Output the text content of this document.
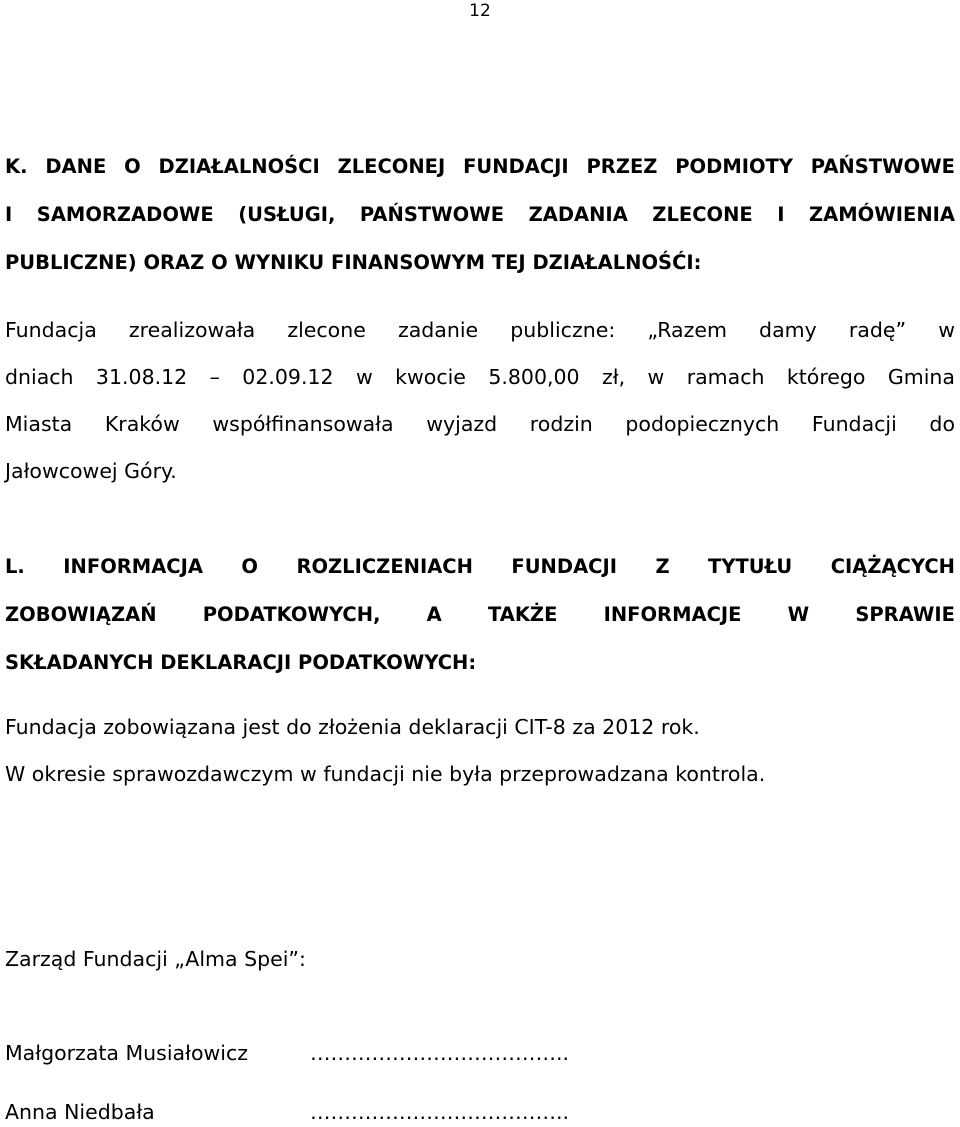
12
K. DANE O DZIAŁALNOŚCI ZLECONEJ FUNDACJI PRZEZ PODMIOTY PAŃSTWOWE
I SAMORZADOWE (USŁUGI, PAŃSTWOWE ZADANIA ZLECONE I ZAMÓWIENIA
PUBLICZNE) ORAZ O WYNIKU FINANSOWYM TEJ DZIAŁALNOŚĆI:
Fundacja zrealizowała zlecone zadanie publiczne: „Razem damy radę” w
dniach 31.08.12 – 02.09.12 w kwocie 5.800,00 zł, w ramach którego Gmina
Miasta Kraków współfinansowała wyjazd rodzin podopiecznych Fundacji do
Jałowcowej Góry.
L. INFORMACJA O ROZLICZENIACH FUNDACJI Z TYTUŁU CIĄŻĄCYCH
ZOBOWIĄZAŃ PODATKOWYCH, A TAKŻE INFORMACJE W SPRAWIE
SKŁADANYCH DEKLARACJI PODATKOWYCH:
Fundacja zobowiązana jest do złożenia deklaracji CIT-8 za 2012 rok.
W okresie sprawozdawczym w fundacji nie była przeprowadzana kontrola.
Zarząd Fundacji „Alma Spei”:
Małgorzata Musiałowicz	………………………………..
Anna Niedbała	………………………………..
